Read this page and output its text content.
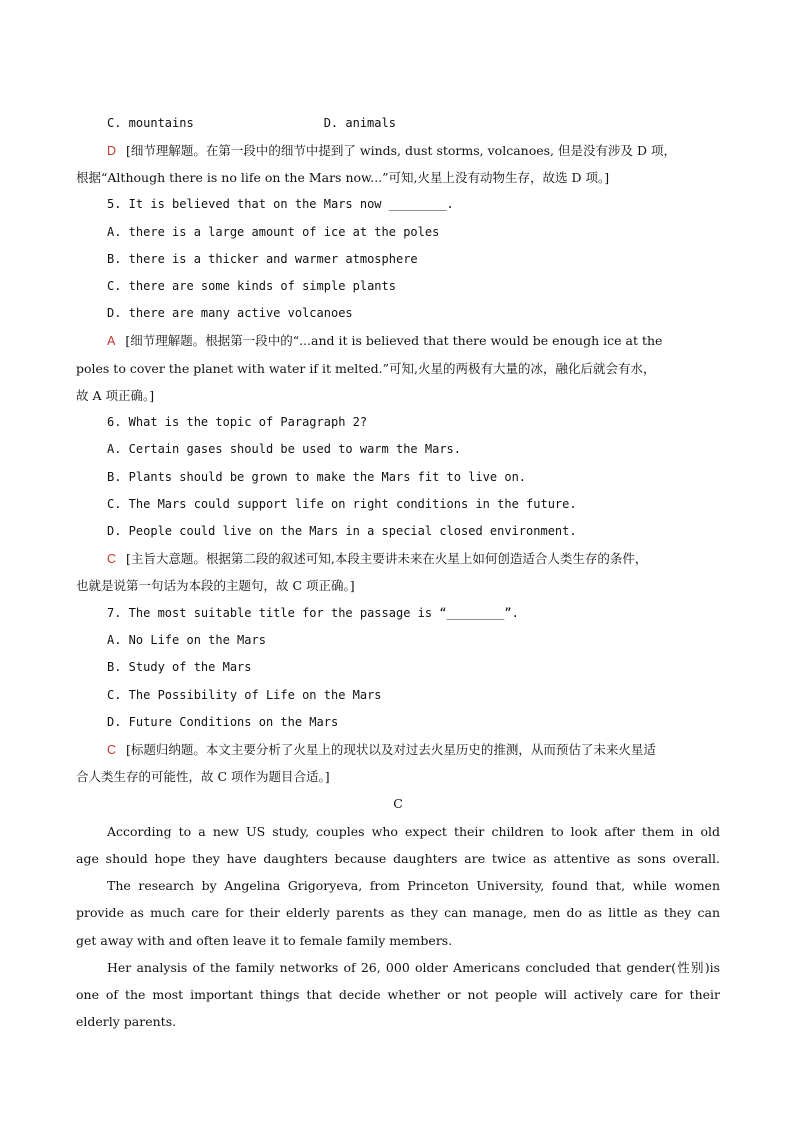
C. mountains	D. animals
D [细节理解题。在第一段中的细节中提到了 winds, dust storms, volcanoes, 但是没有涉及 D 项，
根据“Although there is no life on the Mars now...”可知,火星上没有动物生存，故选 D 项。]
5. It is believed that on the Mars now ________.
A. there is a large amount of ice at the poles
B. there is a thicker and warmer atmosphere
C. there are some kinds of simple plants
D. there are many active volcanoes
A [细节理解题。根据第一段中的“...and it is believed that there would be enough ice at the
poles to cover the planet with water if it melted.”可知,火星的两极有大量的冰，融化后就会有水，
故 A 项正确。]
6. What is the topic of Paragraph 2?
A. Certain gases should be used to warm the Mars.
B. Plants should be grown to make the Mars fit to live on.
C. The Mars could support life on right conditions in the future.
D. People could live on the Mars in a special closed environment.
C [主旨大意题。根据第二段的叙述可知,本段主要讲未来在火星上如何创造适合人类生存的条件，
也就是说第一句话为本段的主题句，故 C 项正确。]
7. The most suitable title for the passage is “________”.
A. No Life on the Mars
B. Study of the Mars
C. The Possibility of Life on the Mars
D. Future Conditions on the Mars
C [标题归纳题。本文主要分析了火星上的现状以及对过去火星历史的推测，从而预估了未来火星适
合人类生存的可能性，故 C 项作为题目合适。]
C
According to a new US study, couples who expect their children to look after them in old
age should hope they have daughters because daughters are twice as attentive as sons overall.
The research by Angelina Grigoryeva, from Princeton University, found that, while women
provide as much care for their elderly parents as they can manage, men do as little as they can
get away with and often leave it to female family members.
Her analysis of the family networks of 26, 000 older Americans concluded that gender(性别)is
one of the most important things that decide whether or not people will actively care for their
elderly parents.
